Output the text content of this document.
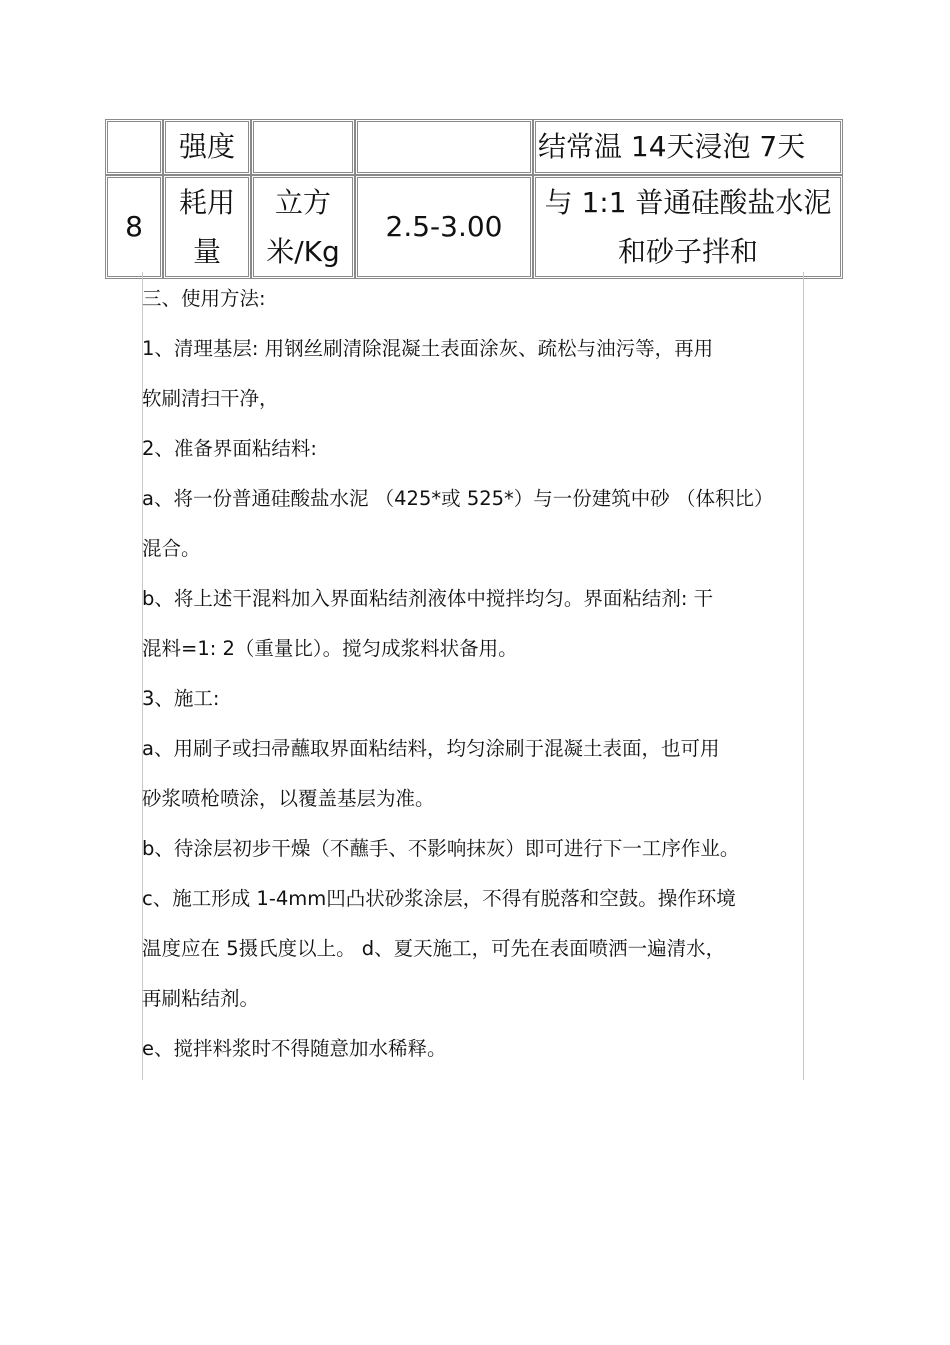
	强度			结常温 14天浸泡 7天
8	耗用量	立方米/Kg	2.5-3.00	与 1:1 普通硅酸盐水泥和砂子拌和
三、使用方法:
1、清理基层: 用钢丝刷清除混凝土表面涂灰、疏松与油污等，再用
软刷清扫干净，
2、准备界面粘结料:
a、将一份普通硅酸盐水泥 （425*或 525*）与一份建筑中砂 （体积比）
混合。
b、将上述干混料加入界面粘结剂液体中搅拌均匀。界面粘结剂: 干
混料=1: 2（重量比）。搅匀成浆料状备用。
3、施工:
a、用刷子或扫帚蘸取界面粘结料，均匀涂刷于混凝土表面，也可用
砂浆喷枪喷涂，以覆盖基层为准。
b、待涂层初步干燥（不蘸手、不影响抹灰）即可进行下一工序作业。
c、施工形成 1-4mm凹凸状砂浆涂层，不得有脱落和空鼓。操作环境
温度应在 5摄氏度以上。 d、夏天施工，可先在表面喷洒一遍清水，
再刷粘结剂。
e、搅拌料浆时不得随意加水稀释。
